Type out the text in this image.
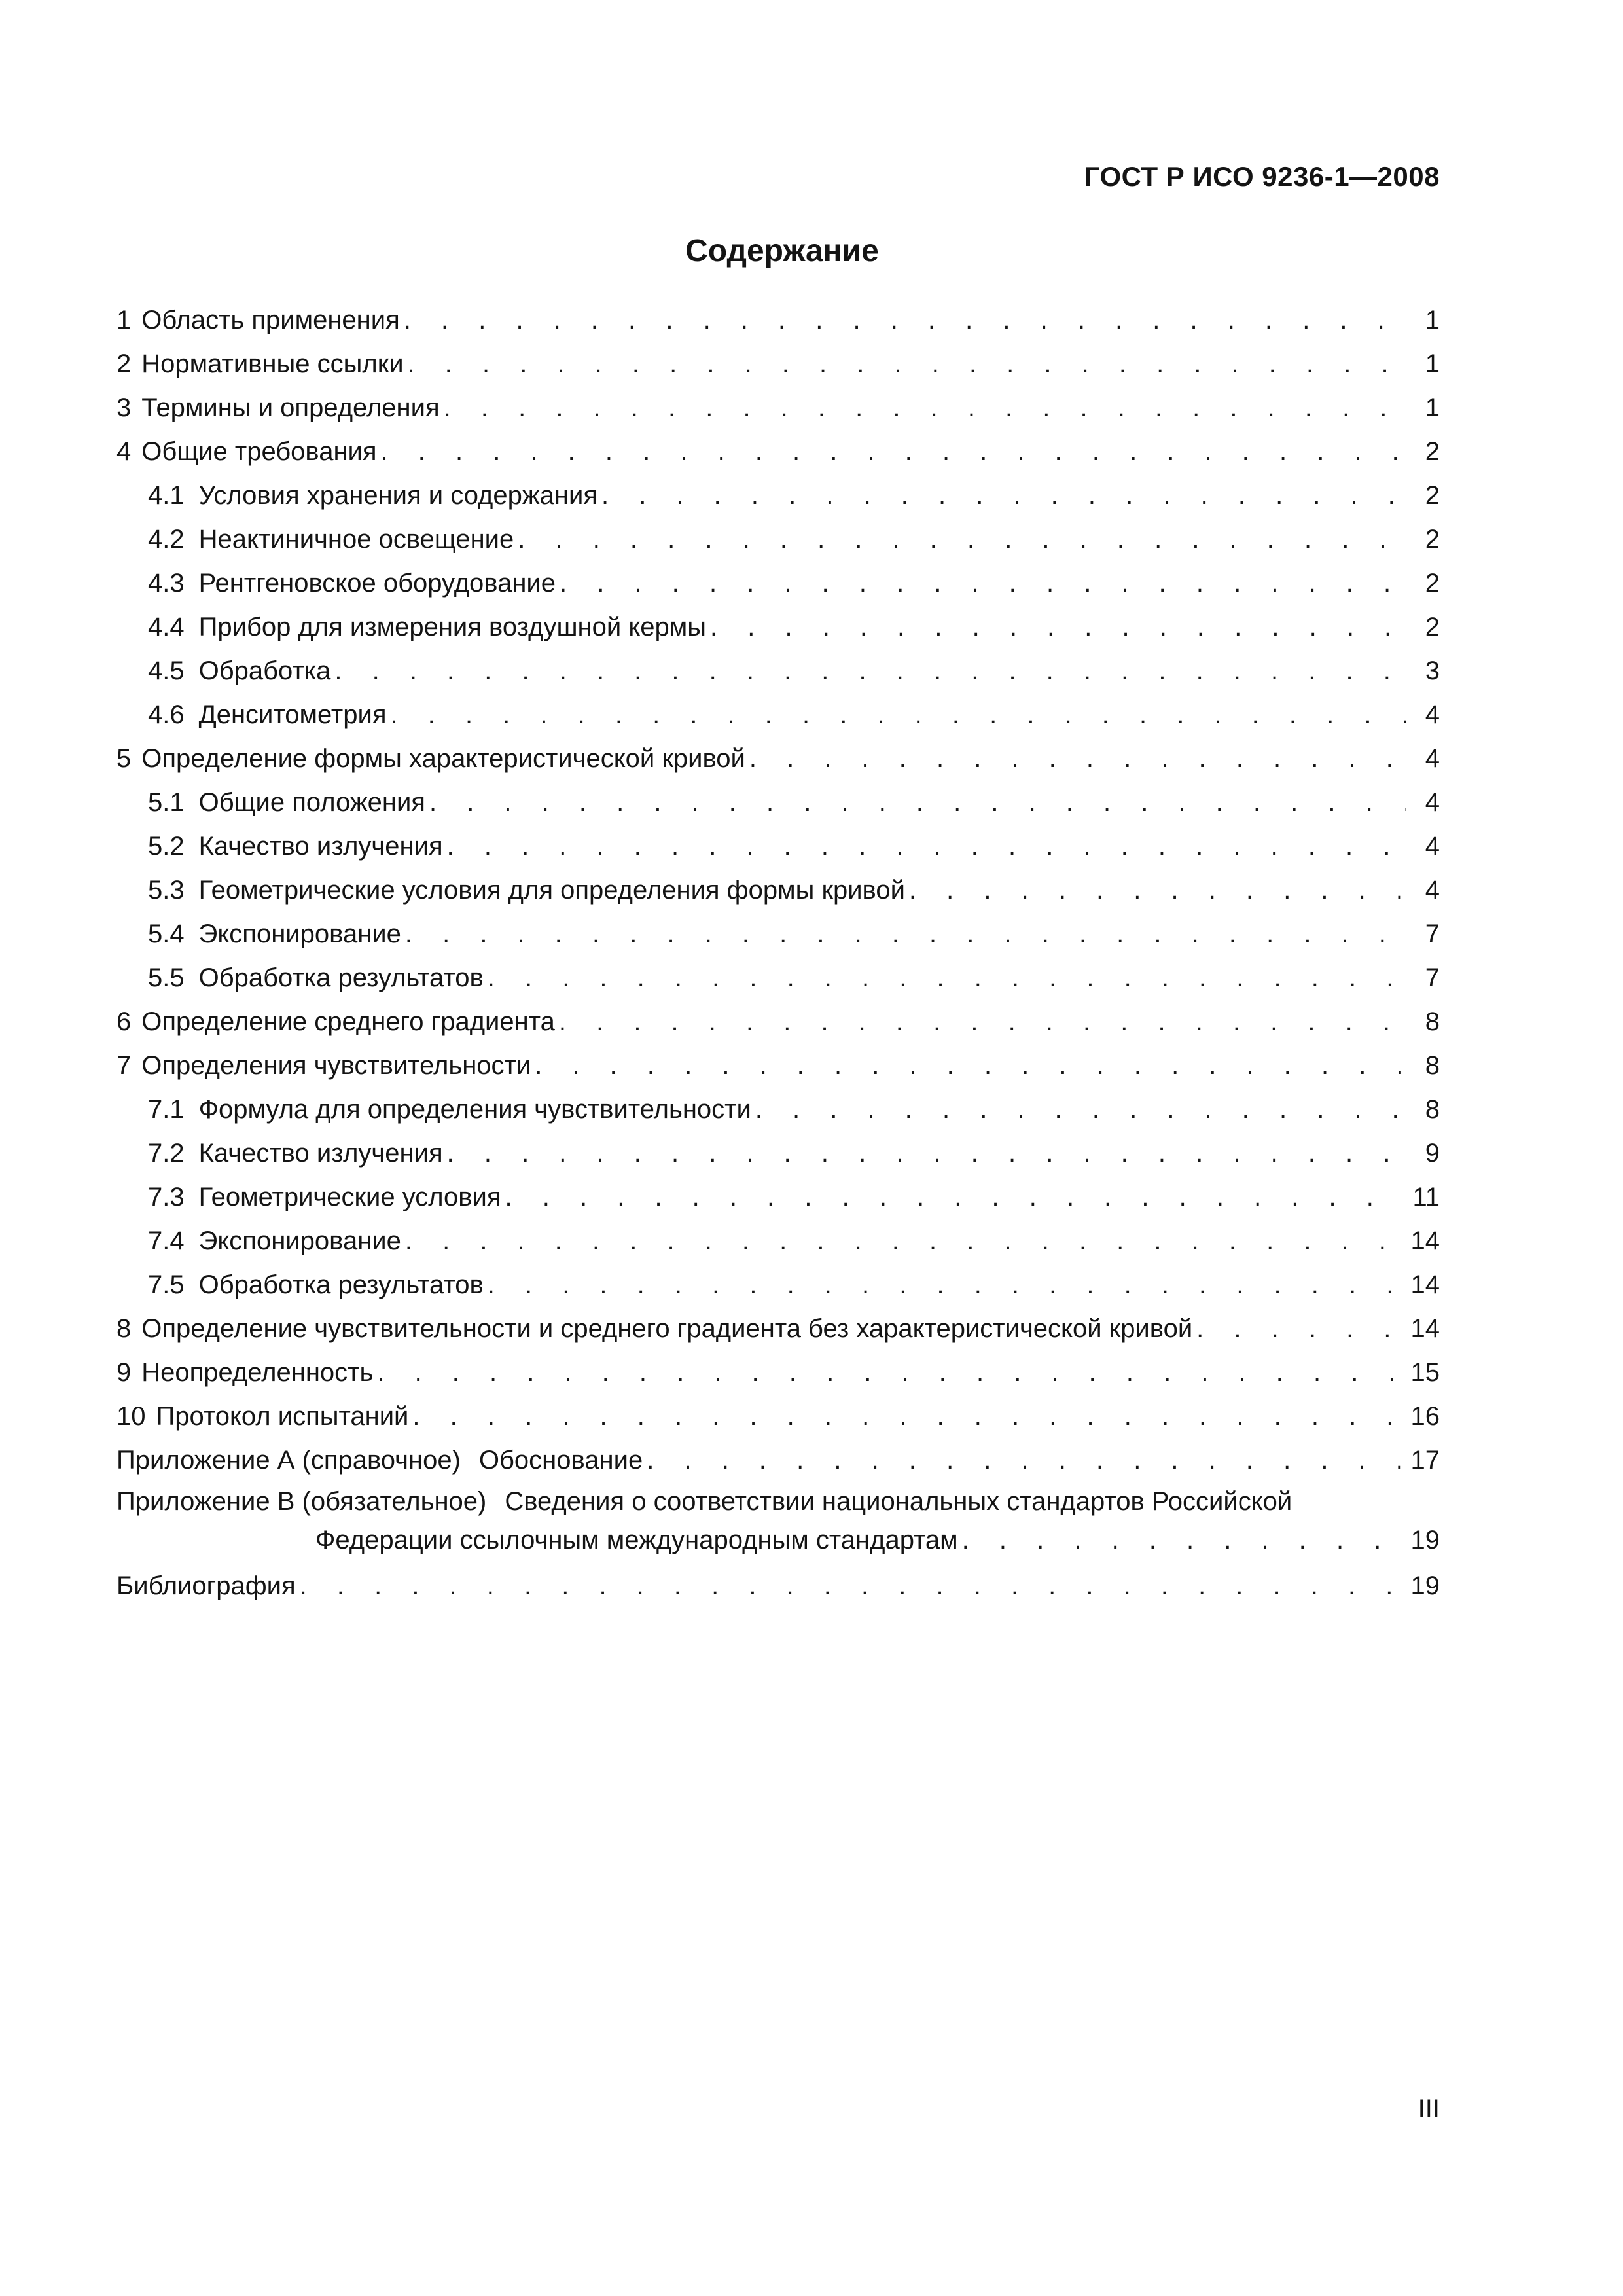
ГОСТ Р ИСО 9236-1—2008
Содержание
1 Область применения . . .	1
2 Нормативные ссылки . . .	1
3 Термины и определения . . .	1
4 Общие требования . . .	2
4.1 Условия хранения и содержания . . .	2
4.2 Неактиничное освещение . . .	2
4.3 Рентгеновское оборудование . . .	2
4.4 Прибор для измерения воздушной кермы . . .	2
4.5 Обработка . . .	3
4.6 Денситометрия . . .	4
5 Определение формы характеристической кривой . . .	4
5.1 Общие положения . . .	4
5.2 Качество излучения . . .	4
5.3 Геометрические условия для определения формы кривой . . .	4
5.4 Экспонирование . . .	7
5.5 Обработка результатов . . .	7
6 Определение среднего градиента . . .	8
7 Определения чувствительности . . .	8
7.1 Формула для определения чувствительности . . .	8
7.2 Качество излучения . . .	9
7.3 Геометрические условия . . .	11
7.4 Экспонирование . . .	14
7.5 Обработка результатов . . .	14
8 Определение чувствительности и среднего градиента без характеристической кривой . . .	14
9 Неопределенность . . .	15
10 Протокол испытаний . . .	16
Приложение А (справочное) Обоснование . . .	17
Приложение В (обязательное) Сведения о соответствии национальных стандартов Российской
Федерации ссылочным международным стандартам . . .	19
Библиография . . .	19
III
